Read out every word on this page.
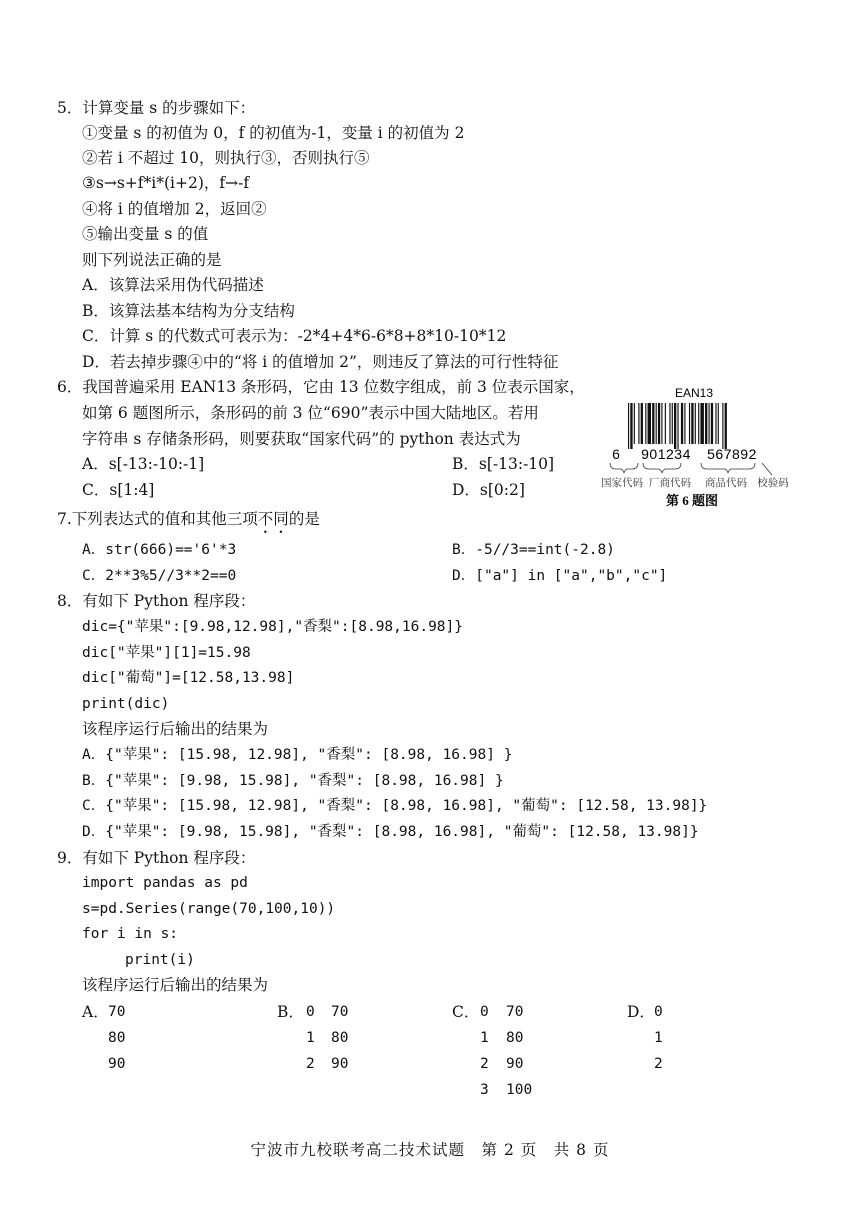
5．计算变量 s 的步骤如下：
①变量 s 的初值为 0，f 的初值为-1，变量 i 的初值为 2
②若 i 不超过 10，则执行③，否则执行⑤
③s→s+f*i*(i+2)，f→-f
④将 i 的值增加 2，返回②
⑤输出变量 s 的值
则下列说法正确的是
A．该算法采用伪代码描述
B．该算法基本结构为分支结构
C．计算 s 的代数式可表示为：-2*4+4*6-6*8+8*10-10*12
D．若去掉步骤④中的“将 i 的值增加 2”，则违反了算法的可行性特征
6．我国普遍采用 EAN13 条形码，它由 13 位数字组成，前 3 位表示国家，
如第 6 题图所示，条形码的前 3 位“690”表示中国大陆地区。若用
字符串 s 存储条形码，则要获取“国家代码”的 python 表达式为
A．s[-13:-10:-1]	B．s[-13:-10]
C．s[1:4]	D．s[0:2]
EAN13
6 901234 567892
国家代码 厂商代码 商品代码 校验码
第 6 题图
7.下列表达式的值和其他三项不同的是
A．str(666)=='6'*3	B．-5//3==int(-2.8)
C．2**3%5//3**2==0	D．["a"] in ["a","b","c"]
8．有如下 Python 程序段：
dic={"苹果":[9.98,12.98],"香梨":[8.98,16.98]}
dic["苹果"][1]=15.98
dic["葡萄"]=[12.58,13.98]
print(dic)
该程序运行后输出的结果为
A．{"苹果": [15.98, 12.98], "香梨": [8.98, 16.98] }
B．{"苹果": [9.98, 15.98], "香梨": [8.98, 16.98] }
C．{"苹果": [15.98, 12.98], "香梨": [8.98, 16.98], "葡萄": [12.58, 13.98]}
D．{"苹果": [9.98, 15.98], "香梨": [8.98, 16.98], "葡萄": [12.58, 13.98]}
9．有如下 Python 程序段：
import pandas as pd
s=pd.Series(range(70,100,10))
for i in s:
print(i)
该程序运行后输出的结果为
A． 70
80
90
B． 0 70
1 80
2 90
C． 0 70
1 80
2 90
3 100
D． 0
1
2
宁波市九校联考高二技术试题　第 2 页　共 8 页
